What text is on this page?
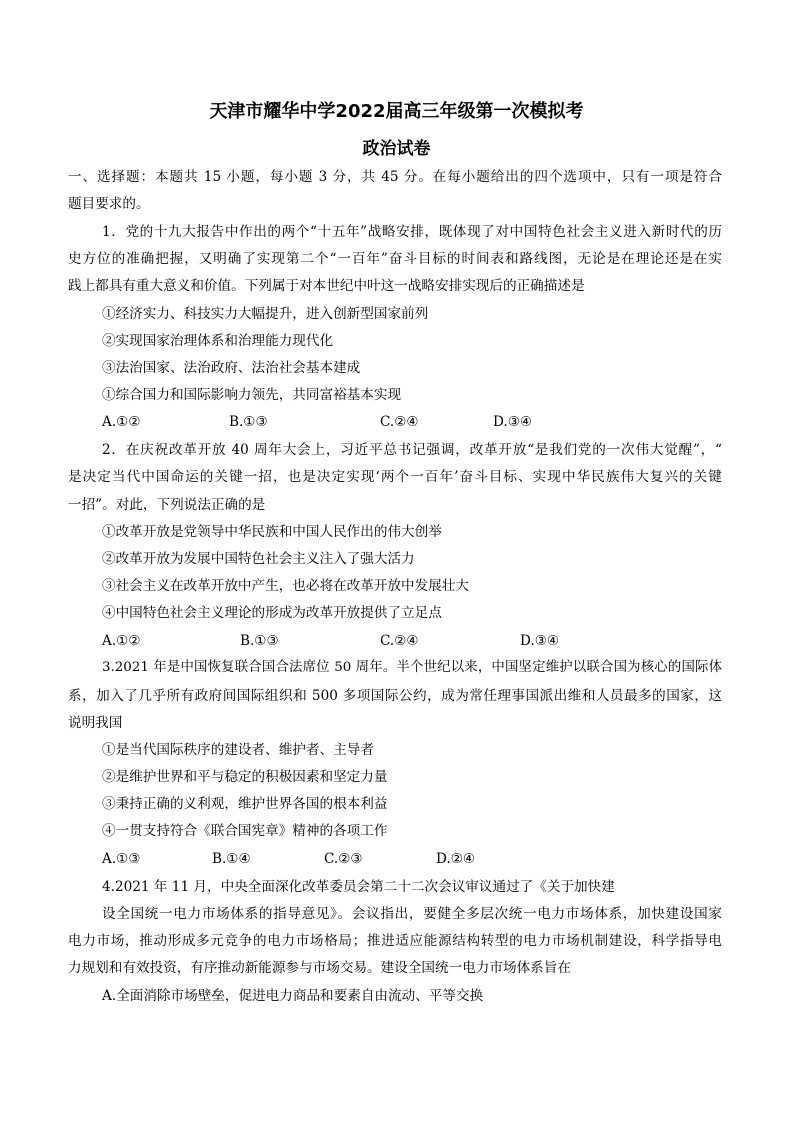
天津市耀华中学2022届高三年级第一次模拟考
政治试卷
一、选择题：本题共 15 小题，每小题 3 分，共 45 分。在每小题给出的四个选项中，只有一项是符合
题目要求的。
1．党的十九大报告中作出的两个“十五年”战略安排，既体现了对中国特色社会主义进入新时代的历
史方位的准确把握，又明确了实现第二个“一百年”奋斗目标的时间表和路线图，无论是在理论还是在实
践上都具有重大意义和价值。下列属于对本世纪中叶这一战略安排实现后的正确描述是
①经济实力、科技实力大幅提升，进入创新型国家前列
②实现国家治理体系和治理能力现代化
③法治国家、法治政府、法治社会基本建成
①综合国力和国际影响力领先，共同富裕基本实现
A.①②	B.①③	C.②④	D.③④
2．在庆祝改革开放 40 周年大会上，习近平总书记强调，改革开放“是我们党的一次伟大觉醒”，“
是决定当代中国命运的关键一招，也是决定实现‘两个一百年’奋斗目标、实现中华民族伟大复兴的关键
一招”。对此，下列说法正确的是
①改革开放是党领导中华民族和中国人民作出的伟大创举
②改革开放为发展中国特色社会主义注入了强大活力
③社会主义在改革开放中产生，也必将在改革开放中发展壮大
④中国特色社会主义理论的形成为改革开放提供了立足点
A.①②	B.①③	C.②④	D.③④
3.2021 年是中国恢复联合国合法席位 50 周年。半个世纪以来，中国坚定维护以联合国为核心的国际体
系，加入了几乎所有政府间国际组织和 500 多项国际公约，成为常任理事国派出维和人员最多的国家，这
说明我国
①是当代国际秩序的建设者、维护者、主导者
②是维护世界和平与稳定的积极因素和坚定力量
③秉持正确的义利观，维护世界各国的根本利益
④一贯支持符合《联合国宪章》精神的各项工作
A.①③	B.①④	C.②③	D.②④
4.2021 年 11 月，中央全面深化改革委员会第二十二次会议审议通过了《关于加快建
设全国统一电力市场体系的指导意见》。会议指出，要健全多层次统一电力市场体系，加快建设国家
电力市场，推动形成多元竞争的电力市场格局；推进适应能源结构转型的电力市场机制建设，科学指导电
力规划和有效投资，有序推动新能源参与市场交易。建设全国统一电力市场体系旨在
A.全面消除市场壁垒，促进电力商品和要素自由流动、平等交换
